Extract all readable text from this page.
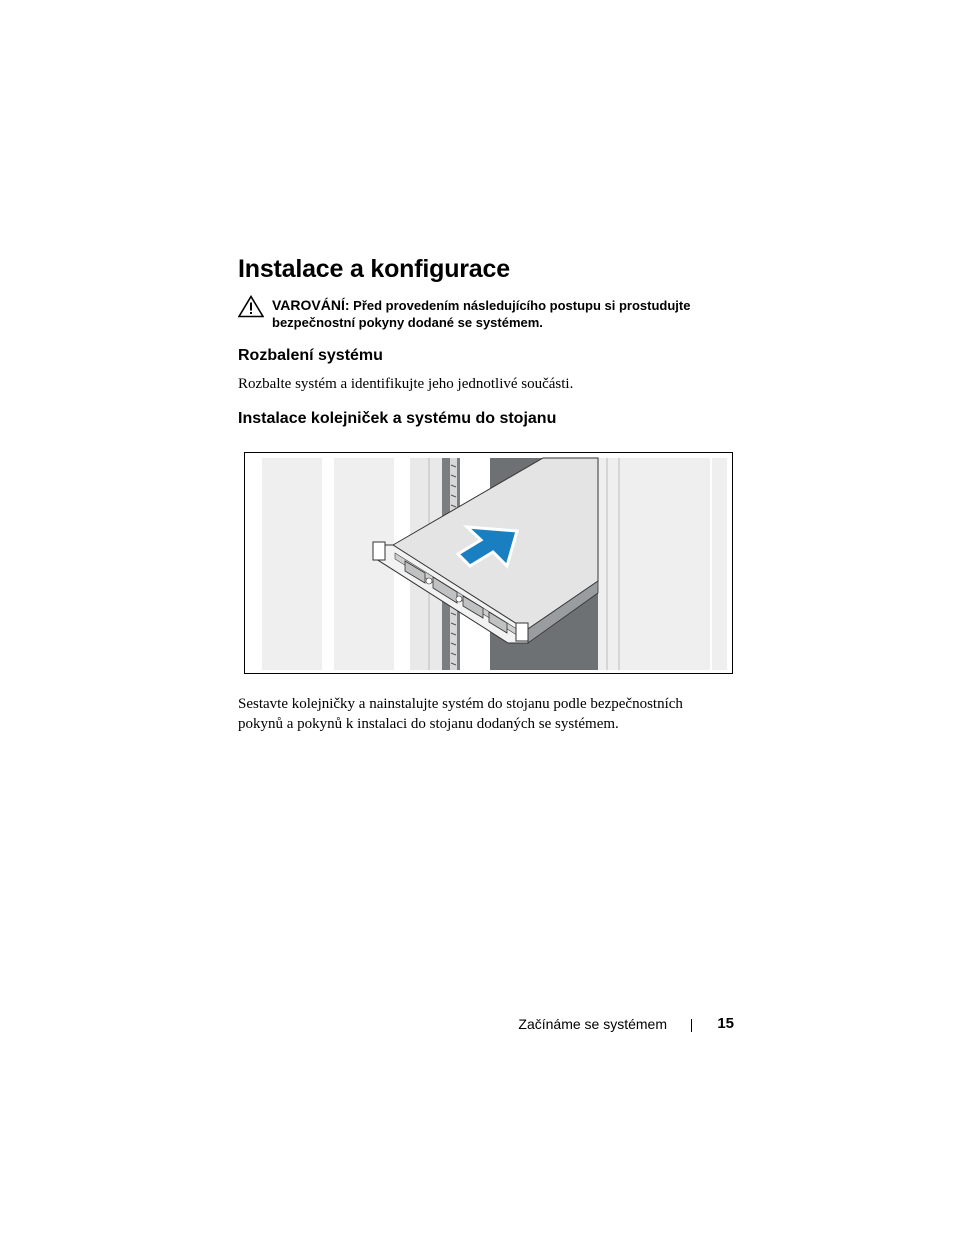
Instalace a konfigurace
VAROVÁNÍ: Před provedením následujícího postupu si prostudujte bezpečnostní pokyny dodané se systémem.
Rozbalení systému

Rozbalte systém a identifikujte jeho jednotlivé součásti.

Instalace kolejniček a systému do stojanu

Sestavte kolejničky a nainstalujte systém do stojanu podle bezpečnostních pokynů a pokynů k instalaci do stojanu dodaných se systémem.

Začínáme se systémem	15
